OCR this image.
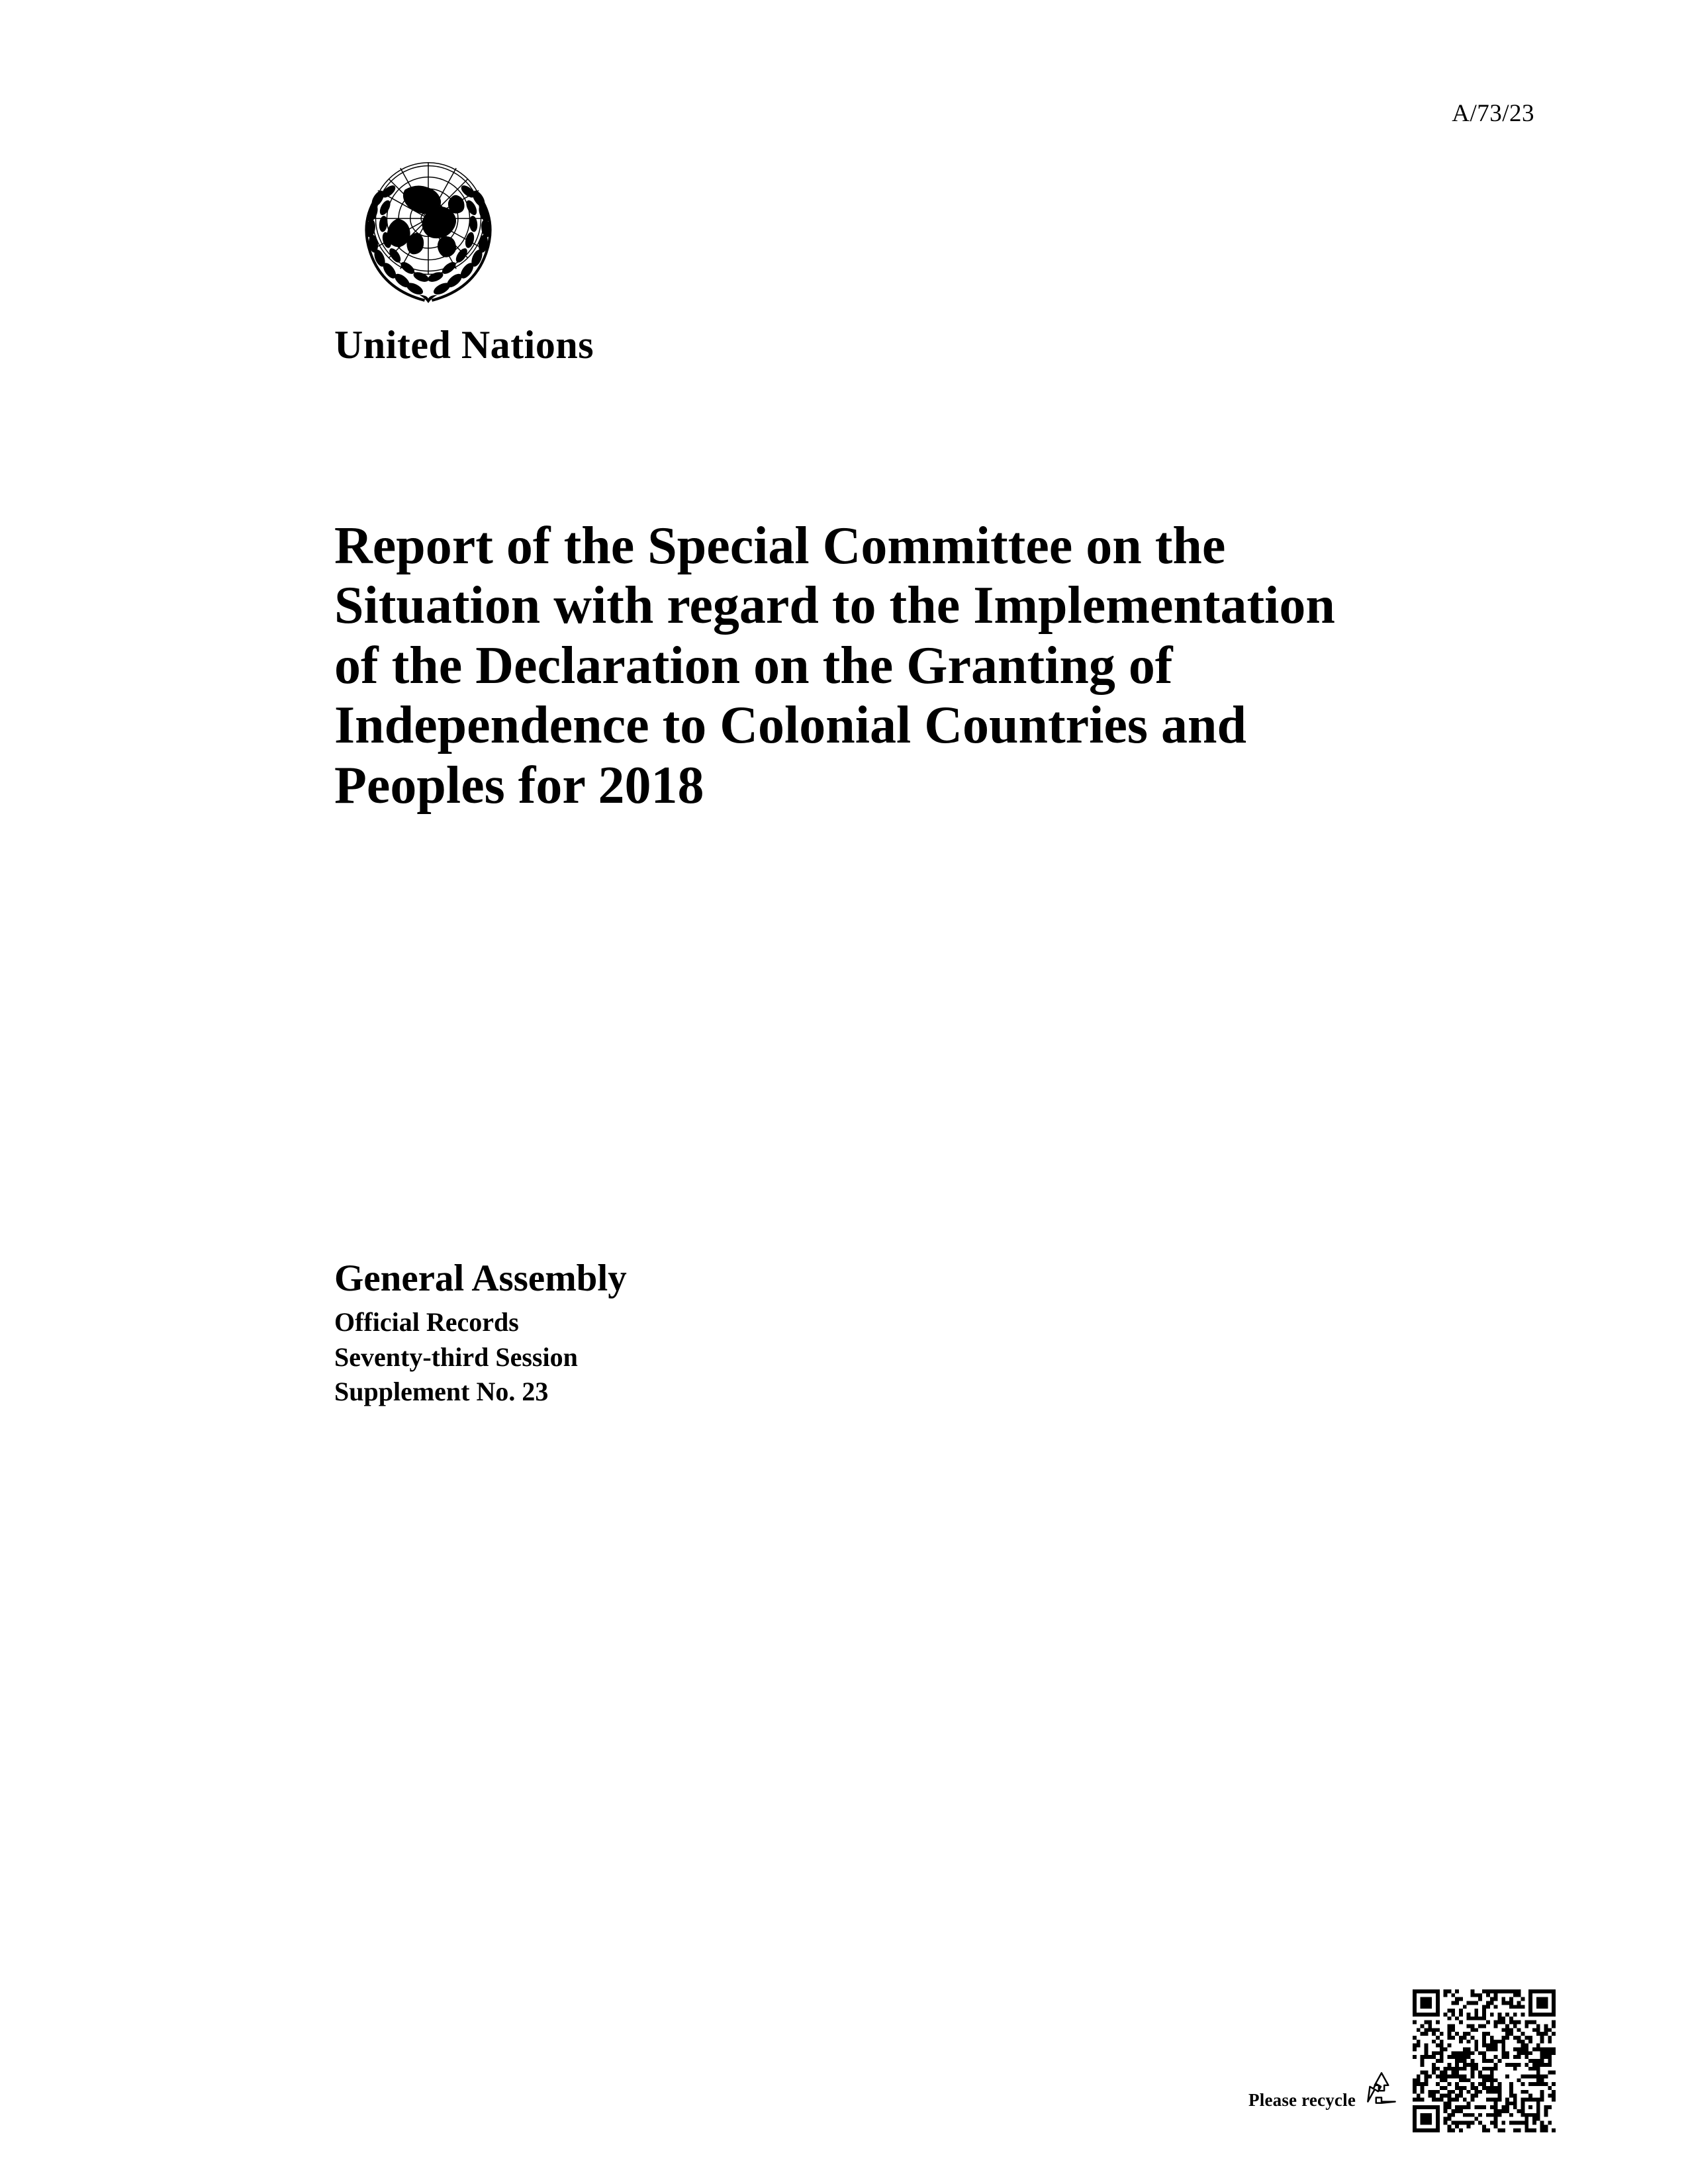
A/73/23
United Nations
Report of the Special Committee on the Situation with regard to the Implementation of the Declaration on the Granting of Independence to Colonial Countries and Peoples for 2018
General Assembly
Official Records
Seventy-third Session
Supplement No. 23
Please recycle
